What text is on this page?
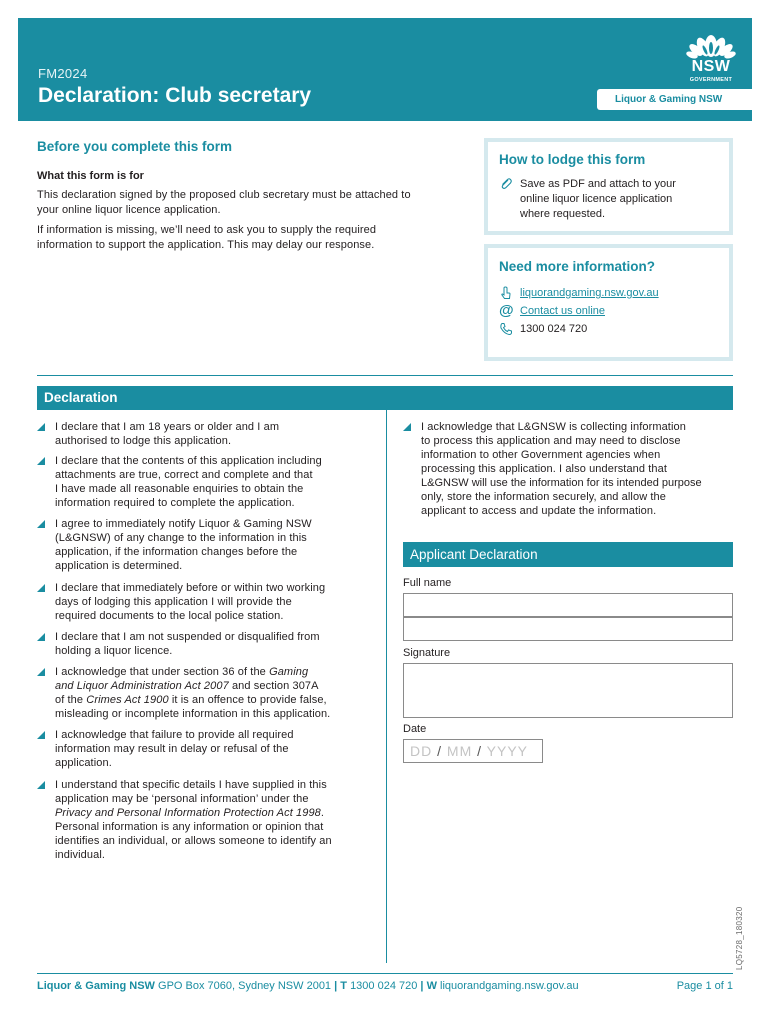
NSW
GOVERNMENT
FM2024
Declaration: Club secretary	Liquor & Gaming NSW
Before you complete this form
What this form is for
This declaration signed by the proposed club secretary must be attached to
your online liquor licence application.
If information is missing, we’ll need to ask you to supply the required
information to support the application. This may delay our response.
How to lodge this form
Save as PDF and attach to your
online liquor licence application
where requested.
Need more information?
liquorandgaming.nsw.gov.au
@ Contact us online
1300 024 720
Declaration
I declare that I am 18 years or older and I am
authorised to lodge this application.
I declare that the contents of this application including
attachments are true, correct and complete and that
I have made all reasonable enquiries to obtain the
information required to complete the application.
I agree to immediately notify Liquor & Gaming NSW
(L&GNSW) of any change to the information in this
application, if the information changes before the
application is determined.
I declare that immediately before or within two working
days of lodging this application I will provide the
required documents to the local police station.
I declare that I am not suspended or disqualified from
holding a liquor licence.
I acknowledge that under section 36 of the Gaming
and Liquor Administration Act 2007 and section 307A
of the Crimes Act 1900 it is an offence to provide false,
misleading or incomplete information in this application.
I acknowledge that failure to provide all required
information may result in delay or refusal of the
application.
I understand that specific details I have supplied in this
application may be ‘personal information’ under the
Privacy and Personal Information Protection Act 1998.
Personal information is any information or opinion that
identifies an individual, or allows someone to identify an
individual.
I acknowledge that L&GNSW is collecting information
to process this application and may need to disclose
information to other Government agencies when
processing this application. I also understand that
L&GNSW will use the information for its intended purpose
only, store the information securely, and allow the
applicant to access and update the information.
Applicant Declaration
Full name
Signature
Date
DD / MM / YYYY
LQ5728_180320
Liquor & Gaming NSW GPO Box 7060, Sydney NSW 2001 | T 1300 024 720 | W liquorandgaming.nsw.gov.au	Page 1 of 1
